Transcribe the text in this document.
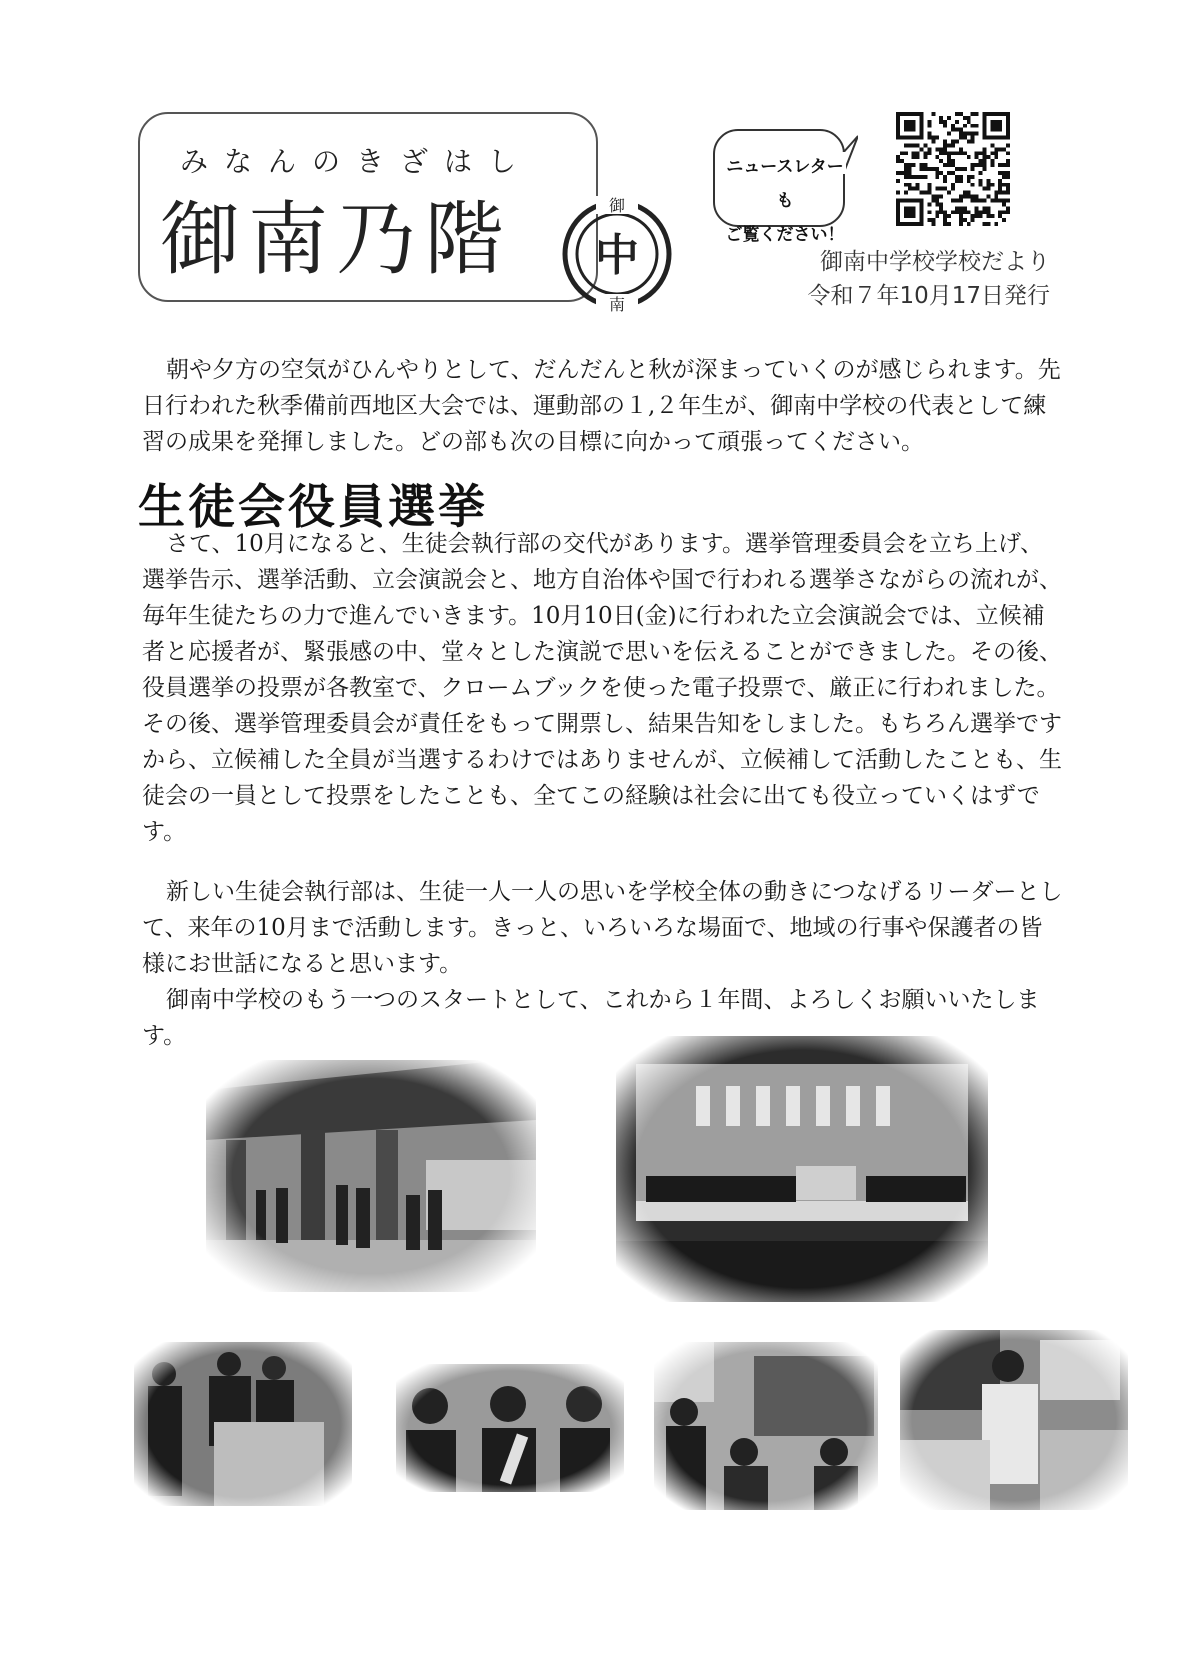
みなんのきざはし
御南乃階	御
南
中
ニュースレターも
ご覧ください！
御南中学校学校だより
令和７年10月17日発行

朝や夕方の空気がひんやりとして、だんだんと秋が深まっていくのが感じられます。先日行われた秋季備前西地区大会では、運動部の１,２年生が、御南中学校の代表として練習の成果を発揮しました。どの部も次の目標に向かって頑張ってください。

生徒会役員選挙

さて、10月になると、生徒会執行部の交代があります。選挙管理委員会を立ち上げ、選挙告示、選挙活動、立会演説会と、地方自治体や国で行われる選挙さながらの流れが、毎年生徒たちの力で進んでいきます。10月10日(金)に行われた立会演説会では、立候補者と応援者が、緊張感の中、堂々とした演説で思いを伝えることができました。その後、役員選挙の投票が各教室で、クロームブックを使った電子投票で、厳正に行われました。その後、選挙管理委員会が責任をもって開票し、結果告知をしました。もちろん選挙ですから、立候補した全員が当選するわけではありませんが、立候補して活動したことも、生徒会の一員として投票をしたことも、全てこの経験は社会に出ても役立っていくはずです。

新しい生徒会執行部は、生徒一人一人の思いを学校全体の動きにつなげるリーダーとして、来年の10月まで活動します。きっと、いろいろな場面で、地域の行事や保護者の皆様にお世話になると思います。

御南中学校のもう一つのスタートとして、これから１年間、よろしくお願いいたします。
